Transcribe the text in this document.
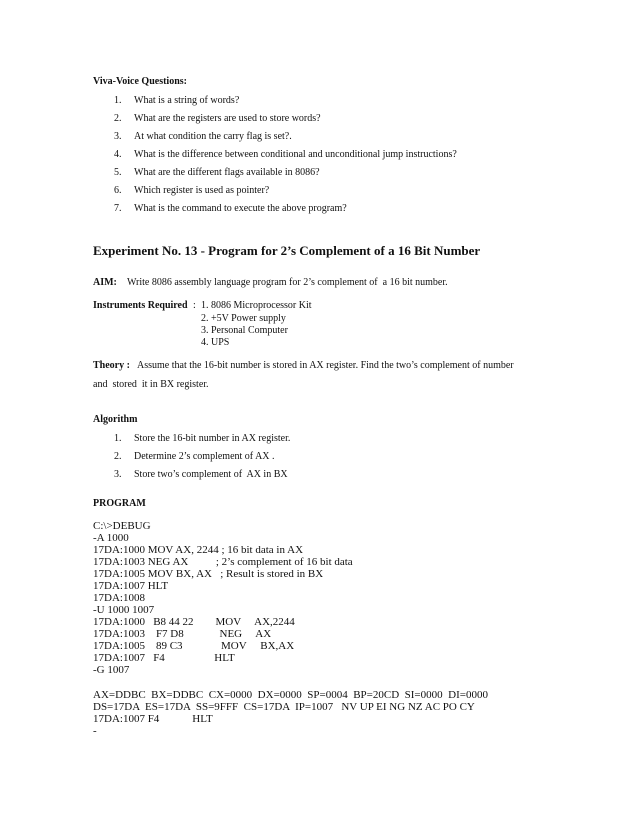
Viva-Voice Questions:
1. What is a string of words?
2. What are the registers are used to store words?
3. At what condition the carry flag is set?.
4. What is the difference between conditional and unconditional jump instructions?
5. What are the different flags available in 8086?
6. Which register is used as pointer?
7. What is the command to execute the above program?
Experiment No. 13 - Program for 2’s Complement of a 16 Bit Number
AIM: Write 8086 assembly language program for 2’s complement of  a 16 bit number.
Instruments Required : 1. 8086 Microprocessor Kit
2. +5V Power supply
3. Personal Computer
4. UPS
Theory : Assume that the 16-bit number is stored in AX register. Find the two’s complement of number
and  stored  it in BX register.
Algorithm
1. Store the 16-bit number in AX register.
2. Determine 2’s complement of AX .
3. Store two’s complement of  AX in BX
PROGRAM
C:\>DEBUG
-A 1000
17DA:1000 MOV AX, 2244 ; 16 bit data in AX
17DA:1003 NEG AX          ; 2’s complement of 16 bit data
17DA:1005 MOV BX, AX   ; Result is stored in BX
17DA:1007 HLT
17DA:1008
-U 1000 1007
17DA:1000   B8 44 22        MOV     AX,2244
17DA:1003    F7 D8             NEG     AX
17DA:1005    89 C3              MOV     BX,AX
17DA:1007   F4                  HLT
-G 1007
AX=DDBC  BX=DDBC  CX=0000  DX=0000  SP=0004  BP=20CD  SI=0000  DI=0000
DS=17DA  ES=17DA  SS=9FFF  CS=17DA  IP=1007   NV UP EI NG NZ AC PO CY
17DA:1007 F4            HLT
-
